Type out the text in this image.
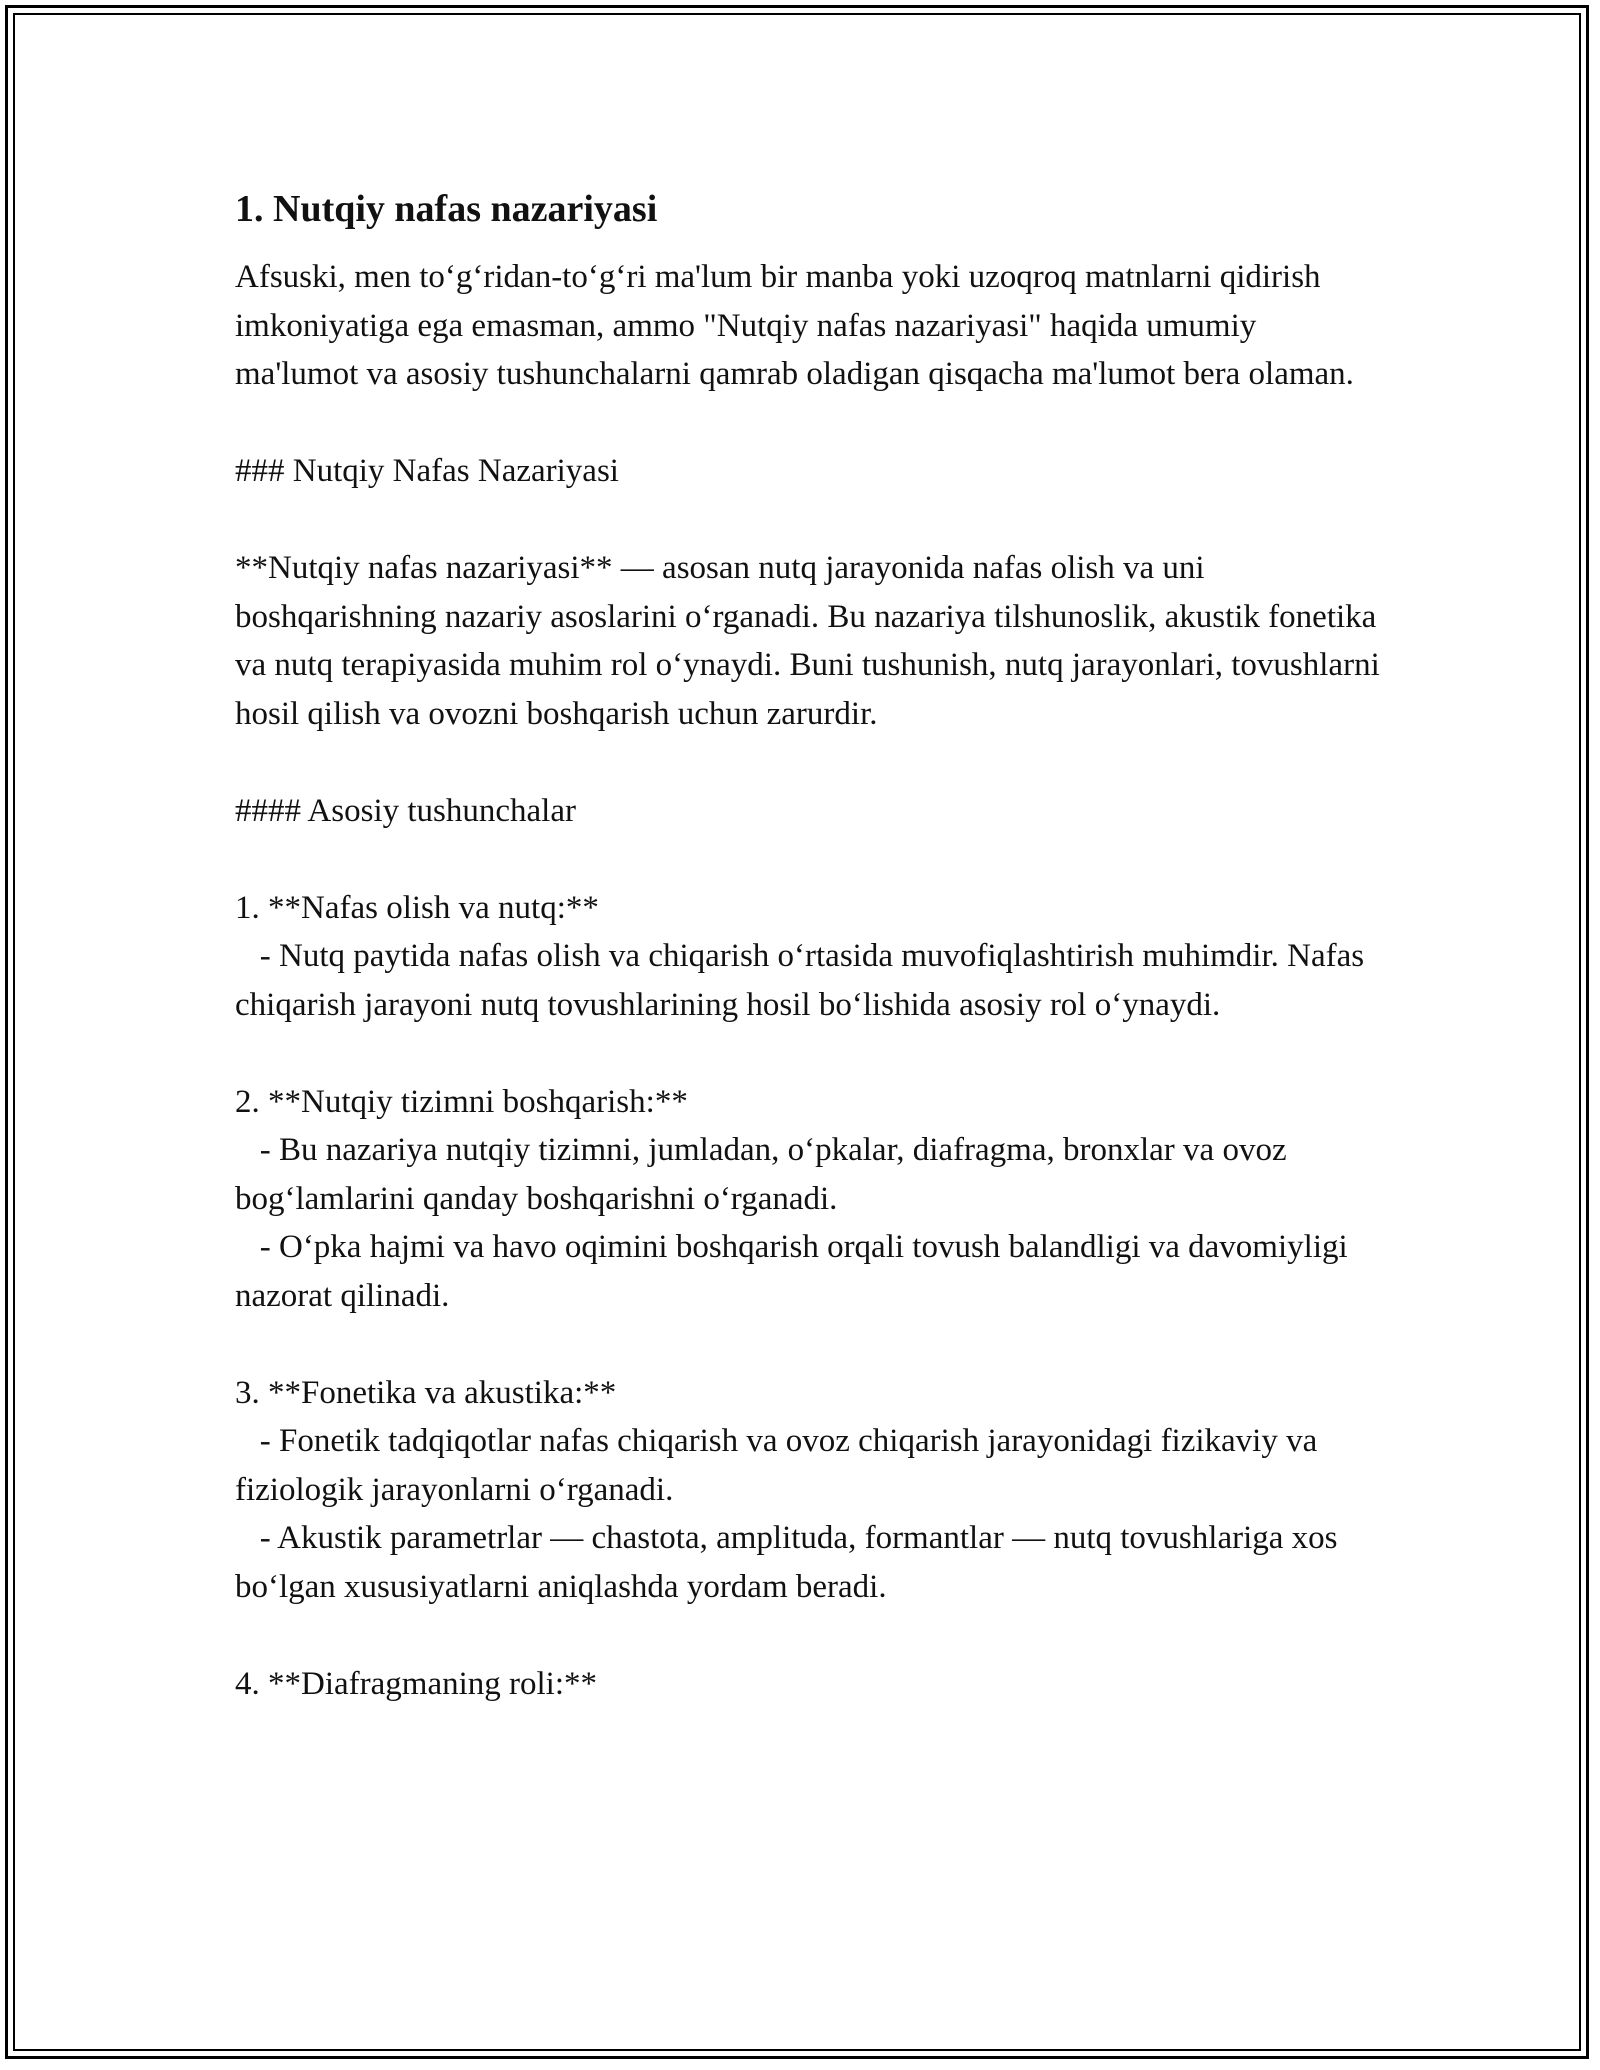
1. Nutqiy nafas nazariyasi

Afsuski, men to‘g‘ridan-to‘g‘ri ma'lum bir manba yoki uzoqroq matnlarni qidirish imkoniyatiga ega emasman, ammo "Nutqiy nafas nazariyasi" haqida umumiy ma'lumot va asosiy tushunchalarni qamrab oladigan qisqacha ma'lumot bera olaman.

### Nutqiy Nafas Nazariyasi

**Nutqiy nafas nazariyasi** — asosan nutq jarayonida nafas olish va uni boshqarishning nazariy asoslarini o‘rganadi. Bu nazariya tilshunoslik, akustik fonetika va nutq terapiyasida muhim rol o‘ynaydi. Buni tushunish, nutq jarayonlari, tovushlarni hosil qilish va ovozni boshqarish uchun zarurdir.

#### Asosiy tushunchalar

1. **Nafas olish va nutq:**

- Nutq paytida nafas olish va chiqarish o‘rtasida muvofiqlashtirish muhimdir. Nafas chiqarish jarayoni nutq tovushlarining hosil bo‘lishida asosiy rol o‘ynaydi.

2. **Nutqiy tizimni boshqarish:**

- Bu nazariya nutqiy tizimni, jumladan, o‘pkalar, diafragma, bronxlar va ovoz bog‘lamlarini qanday boshqarishni o‘rganadi.

- O‘pka hajmi va havo oqimini boshqarish orqali tovush balandligi va davomiyligi nazorat qilinadi.

3. **Fonetika va akustika:**

- Fonetik tadqiqotlar nafas chiqarish va ovoz chiqarish jarayonidagi fizikaviy va fiziologik jarayonlarni o‘rganadi.

- Akustik parametrlar — chastota, amplituda, formantlar — nutq tovushlariga xos bo‘lgan xususiyatlarni aniqlashda yordam beradi.

4. **Diafragmaning roli:**
